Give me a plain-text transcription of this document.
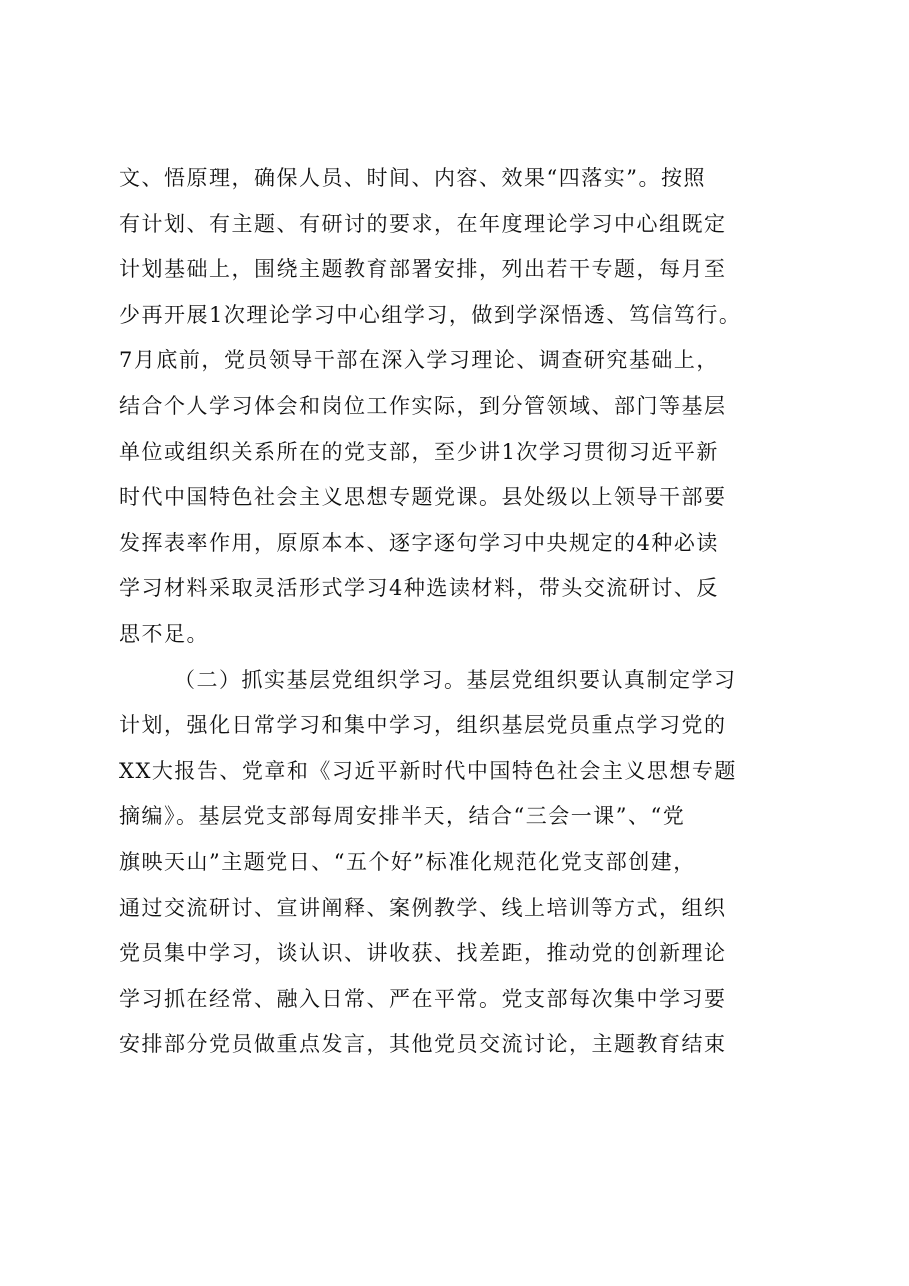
文、悟原理，确保人员、时间、内容、效果“四落实”。按照
有计划、有主题、有研讨的要求，在年度理论学习中心组既定
计划基础上，围绕主题教育部署安排，列出若干专题，每月至
少再开展1次理论学习中心组学习，做到学深悟透、笃信笃行。
7月底前，党员领导干部在深入学习理论、调查研究基础上，
结合个人学习体会和岗位工作实际，到分管领域、部门等基层
单位或组织关系所在的党支部，至少讲1次学习贯彻习近平新
时代中国特色社会主义思想专题党课。县处级以上领导干部要
发挥表率作用，原原本本、逐字逐句学习中央规定的4种必读
学习材料采取灵活形式学习4种选读材料，带头交流研讨、反
思不足。
（二）抓实基层党组织学习。基层党组织要认真制定学习
计划，强化日常学习和集中学习，组织基层党员重点学习党的
XX大报告、党章和《习近平新时代中国特色社会主义思想专题
摘编》。基层党支部每周安排半天，结合“三会一课”、“党
旗映天山”主题党日、“五个好”标准化规范化党支部创建，
通过交流研讨、宣讲阐释、案例教学、线上培训等方式，组织
党员集中学习，谈认识、讲收获、找差距，推动党的创新理论
学习抓在经常、融入日常、严在平常。党支部每次集中学习要
安排部分党员做重点发言，其他党员交流讨论，主题教育结束
